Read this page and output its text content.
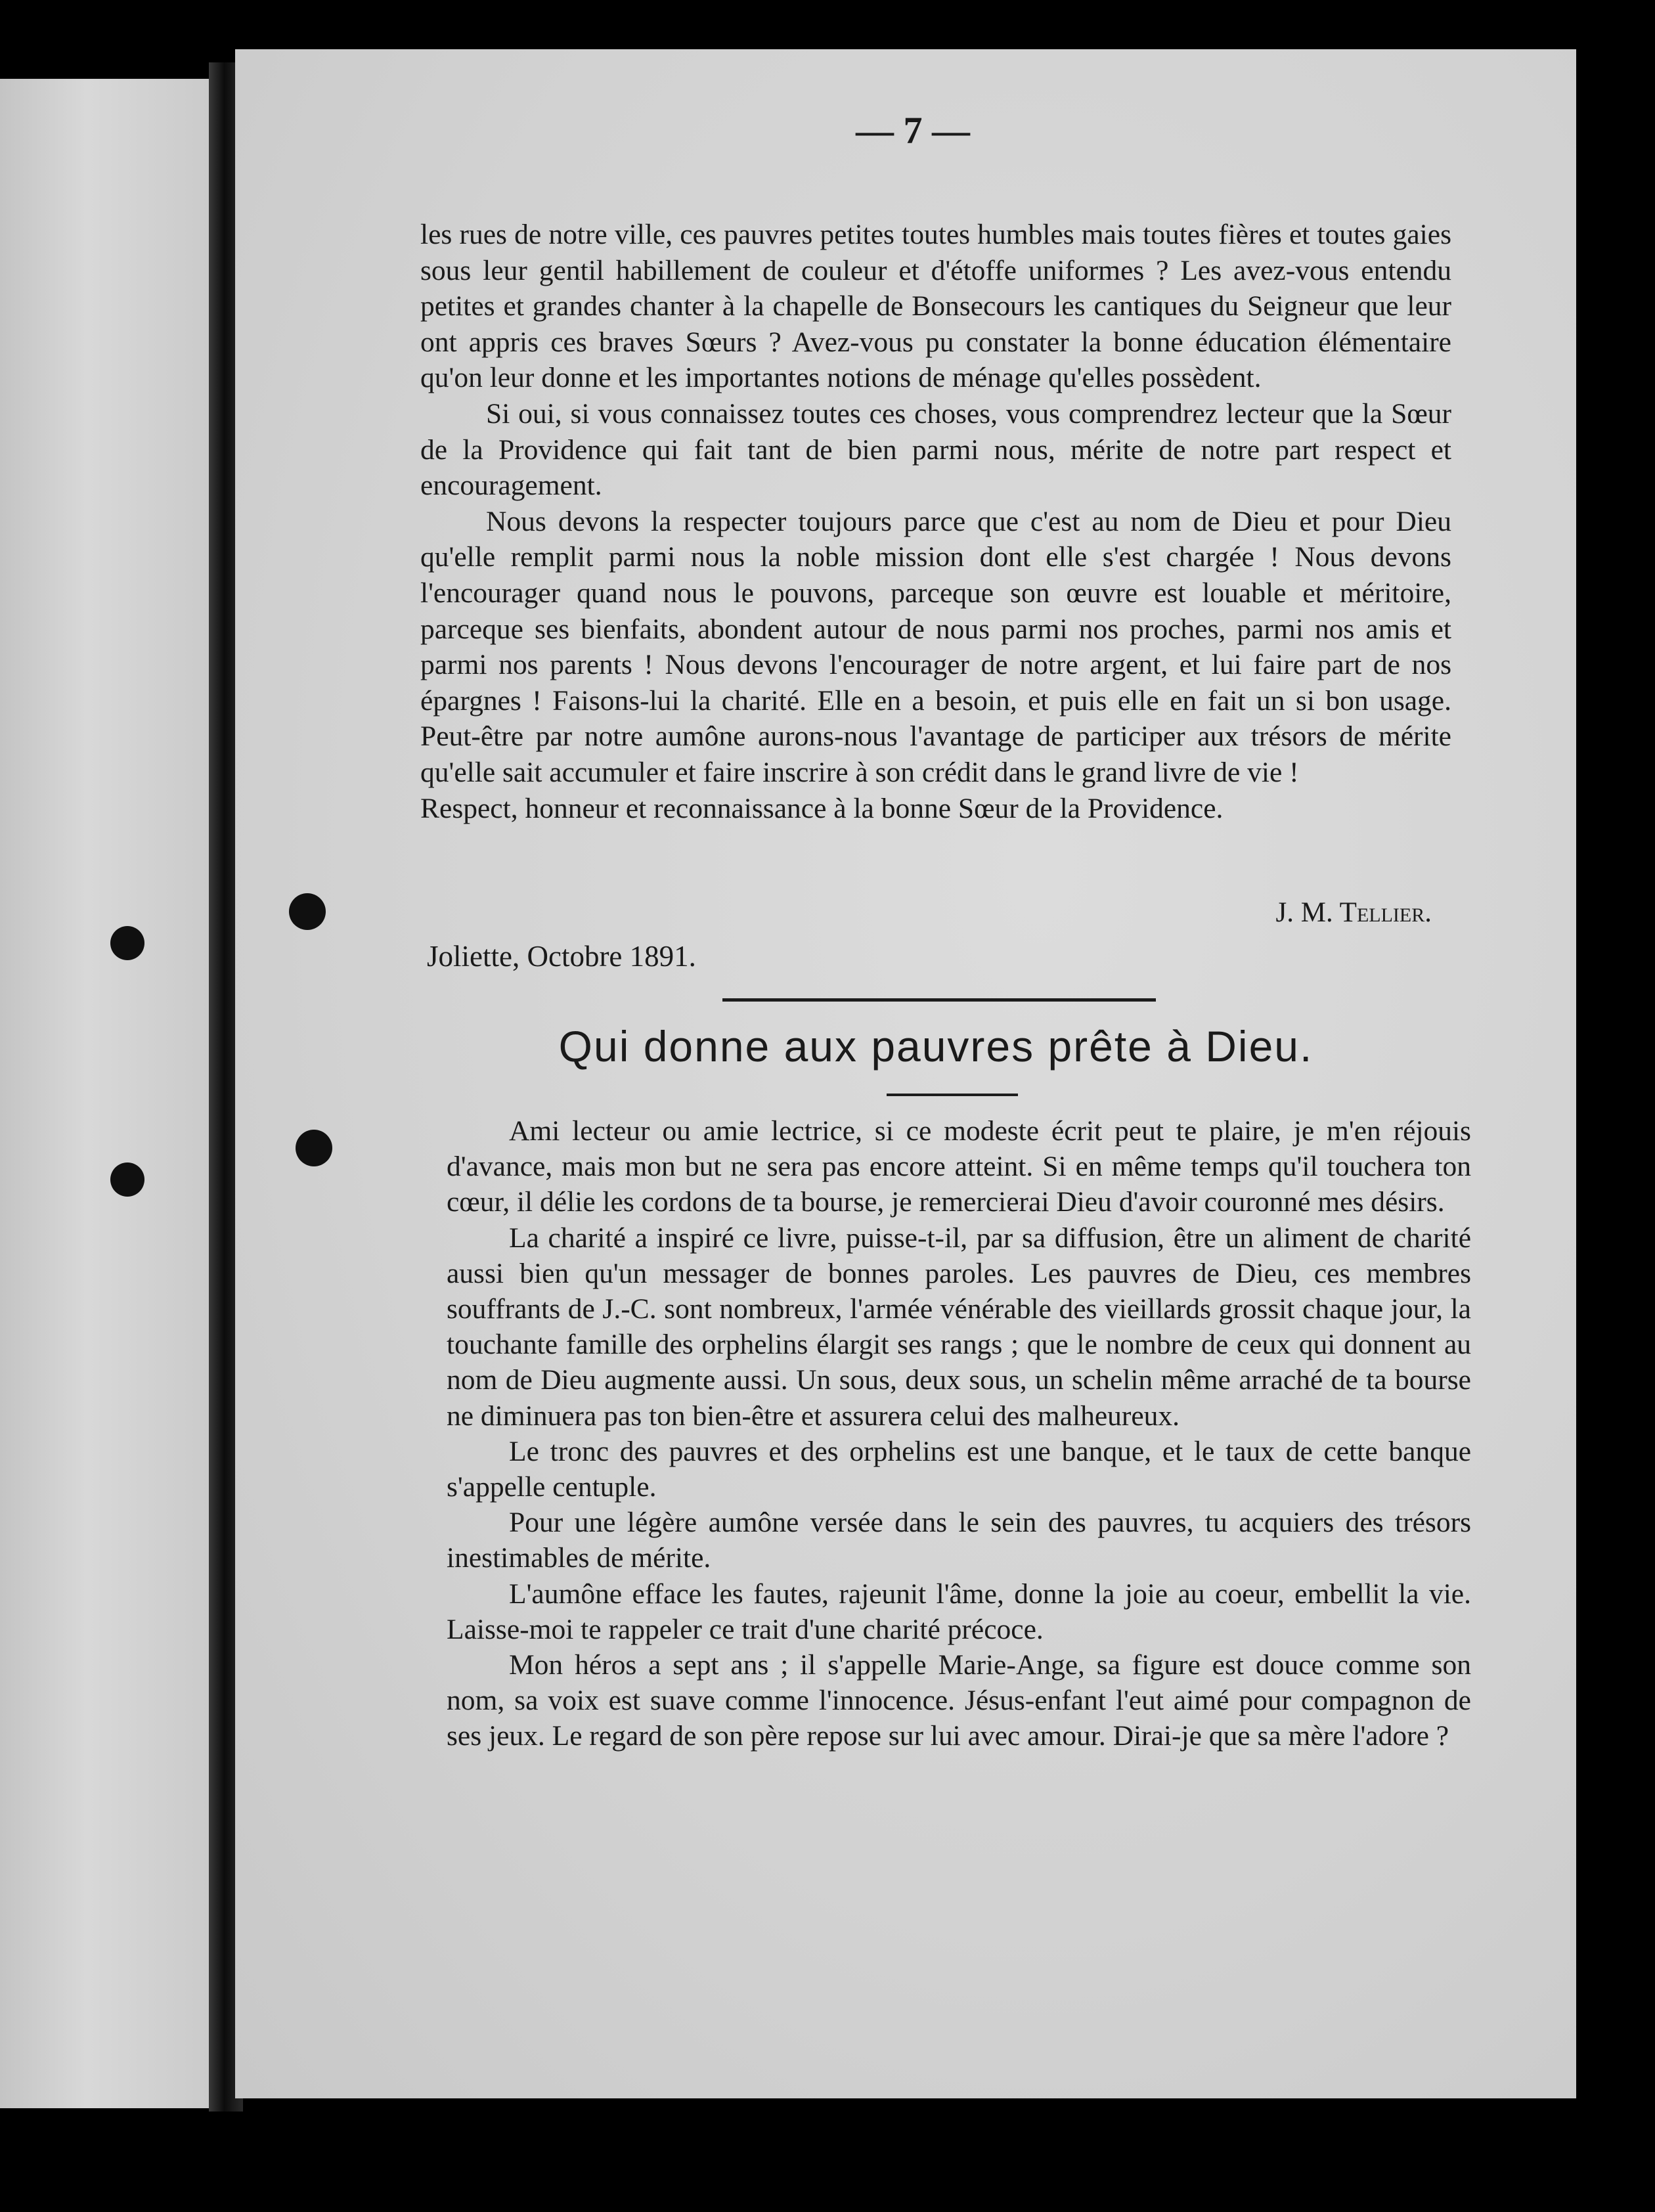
— 7 —

les rues de notre ville, ces pauvres petites toutes humbles mais toutes fières et toutes gaies sous leur gentil habillement de couleur et d'étoffe uniformes ? Les avez-vous entendu petites et grandes chanter à la chapelle de Bonsecours les cantiques du Seigneur que leur ont appris ces braves Sœurs ? Avez-vous pu constater la bonne éducation élémentaire qu'on leur donne et les importantes notions de ménage qu'elles possèdent.

Si oui, si vous connaissez toutes ces choses, vous comprendrez lecteur que la Sœur de la Providence qui fait tant de bien parmi nous, mérite de notre part respect et encouragement.

Nous devons la respecter toujours parce que c'est au nom de Dieu et pour Dieu qu'elle remplit parmi nous la noble mission dont elle s'est chargée ! Nous devons l'encourager quand nous le pouvons, parceque son œuvre est louable et méritoire, parceque ses bienfaits, abondent autour de nous parmi nos proches, parmi nos amis et parmi nos parents ! Nous devons l'encourager de notre argent, et lui faire part de nos épargnes ! Faisons-lui la charité. Elle en a besoin, et puis elle en fait un si bon usage. Peut-être par notre aumône aurons-nous l'avantage de participer aux trésors de mérite qu'elle sait accumuler et faire inscrire à son crédit dans le grand livre de vie !

Respect, honneur et reconnaissance à la bonne Sœur de la Providence.

J. M. Tellier.
Joliette, Octobre 1891.
Qui donne aux pauvres prête à Dieu.

Ami lecteur ou amie lectrice, si ce modeste écrit peut te plaire, je m'en réjouis d'avance, mais mon but ne sera pas encore atteint. Si en même temps qu'il touchera ton cœur, il délie les cordons de ta bourse, je remercierai Dieu d'avoir couronné mes désirs.

La charité a inspiré ce livre, puisse-t-il, par sa diffusion, être un aliment de charité aussi bien qu'un messager de bonnes paroles. Les pauvres de Dieu, ces membres souffrants de J.-C. sont nombreux, l'armée vénérable des vieillards grossit chaque jour, la touchante famille des orphelins élargit ses rangs ; que le nombre de ceux qui donnent au nom de Dieu augmente aussi. Un sous, deux sous, un schelin même arraché de ta bourse ne diminuera pas ton bien-être et assurera celui des malheureux.

Le tronc des pauvres et des orphelins est une banque, et le taux de cette banque s'appelle centuple.

Pour une légère aumône versée dans le sein des pauvres, tu acquiers des trésors inestimables de mérite.

L'aumône efface les fautes, rajeunit l'âme, donne la joie au coeur, embellit la vie. Laisse-moi te rappeler ce trait d'une charité précoce.

Mon héros a sept ans ; il s'appelle Marie-Ange, sa figure est douce comme son nom, sa voix est suave comme l'innocence. Jésus-enfant l'eut aimé pour compagnon de ses jeux. Le regard de son père repose sur lui avec amour. Dirai-je que sa mère l'adore ?
